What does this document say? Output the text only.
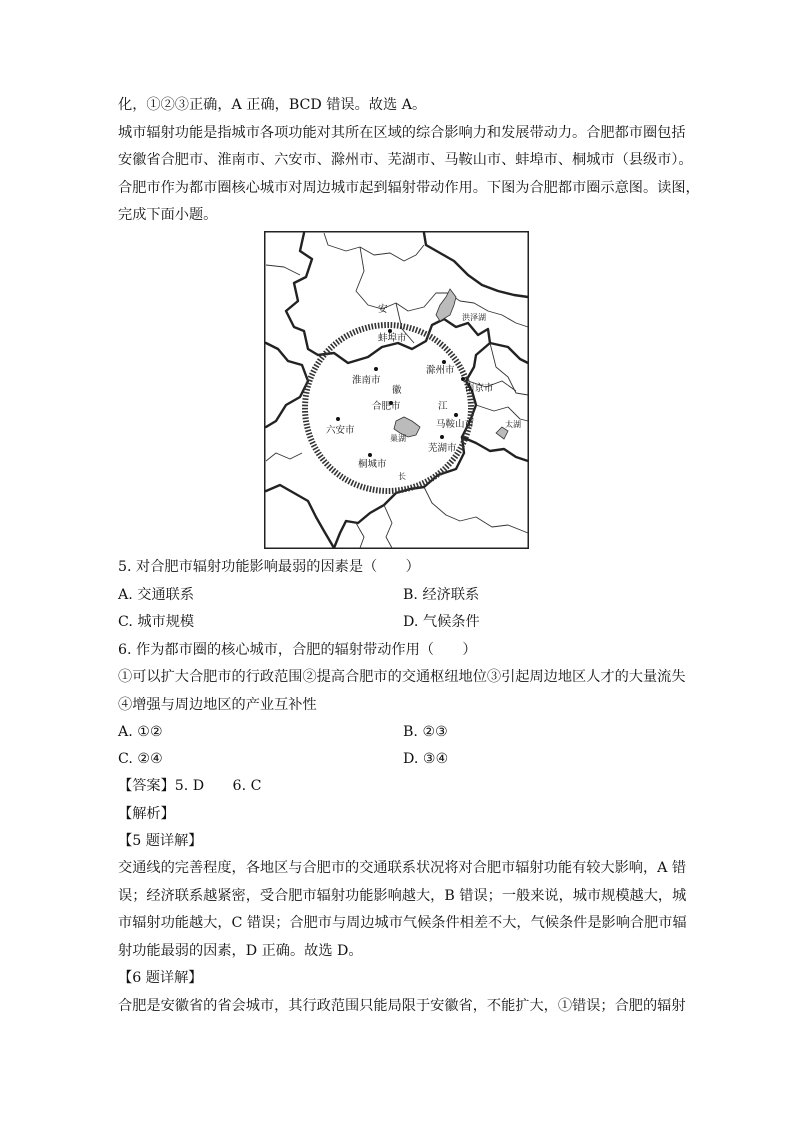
化，①②③正确，A 正确，BCD 错误。故选 A。
城市辐射功能是指城市各项功能对其所在区域的综合影响力和发展带动力。合肥都市圈包括
安徽省合肥市、淮南市、六安市、滁州市、芜湖市、马鞍山市、蚌埠市、桐城市（县级市）。
合肥市作为都市圈核心城市对周边城市起到辐射带动作用。下图为合肥都市圈示意图。读图，
完成下面小题。
安
洪泽湖
蚌埠市
淮南市
滁州市
徽	南京市
合肥市	江
太湖
马鞍山市
六安市
巢湖
芜湖市
桐城市
长
5. 对合肥市辐射功能影响最弱的因素是（　　）
A. 交通联系	B. 经济联系
C. 城市规模	D. 气候条件
6. 作为都市圈的核心城市，合肥的辐射带动作用（　　）
①可以扩大合肥市的行政范围②提高合肥市的交通枢纽地位③引起周边地区人才的大量流失
④增强与周边地区的产业互补性
A. ①②	B. ②③
C. ②④	D. ③④
【答案】5. D　　6. C
【解析】
【5 题详解】
交通线的完善程度，各地区与合肥市的交通联系状况将对合肥市辐射功能有较大影响，A 错
误；经济联系越紧密，受合肥市辐射功能影响越大，B 错误；一般来说，城市规模越大，城
市辐射功能越大，C 错误；合肥市与周边城市气候条件相差不大，气候条件是影响合肥市辐
射功能最弱的因素，D 正确。故选 D。
【6 题详解】
合肥是安徽省的省会城市，其行政范围只能局限于安徽省，不能扩大，①错误；合肥的辐射
